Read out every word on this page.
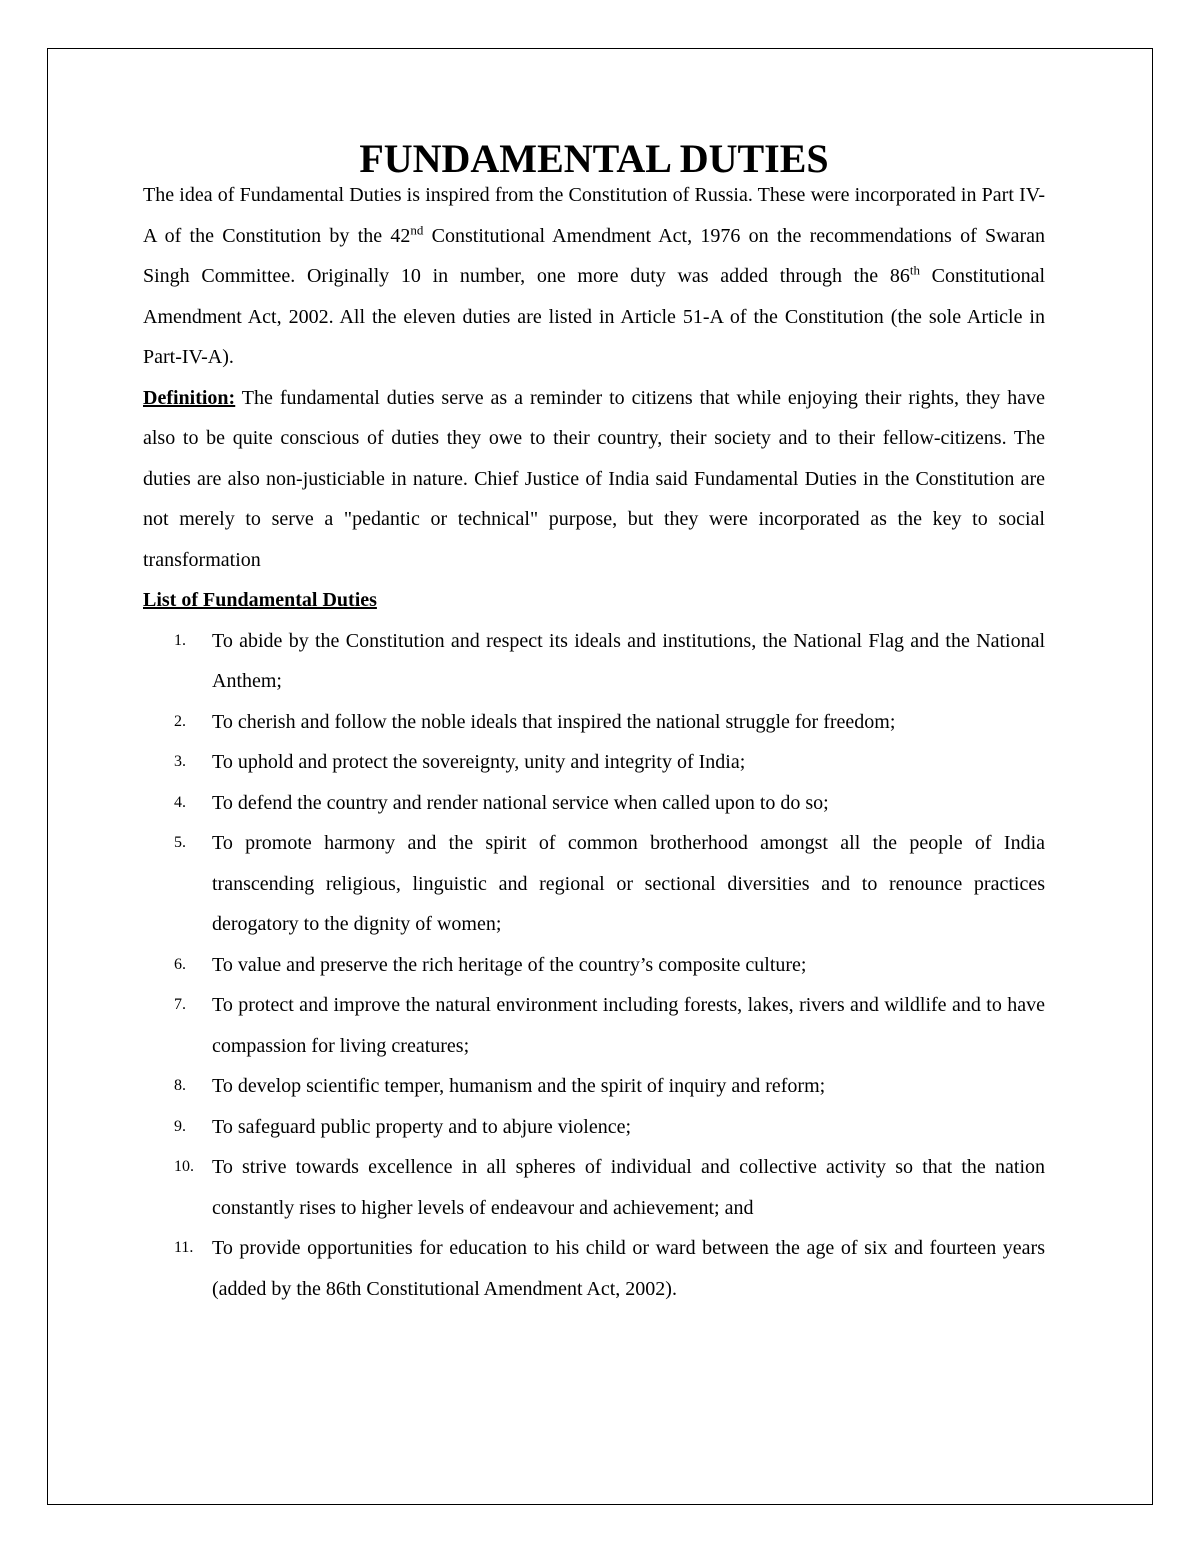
FUNDAMENTAL DUTIES

The idea of Fundamental Duties is inspired from the Constitution of Russia. These were incorporated in Part IV-A of the Constitution by the 42nd Constitutional Amendment Act, 1976 on the recommendations of Swaran Singh Committee. Originally 10 in number, one more duty was added through the 86th Constitutional Amendment Act, 2002. All the eleven duties are listed in Article 51-A of the Constitution (the sole Article in Part-IV-A).

Definition: The fundamental duties serve as a reminder to citizens that while enjoying their rights, they have also to be quite conscious of duties they owe to their country, their society and to their fellow-citizens. The duties are also non-justiciable in nature. Chief Justice of India said Fundamental Duties in the Constitution are not merely to serve a "pedantic or technical" purpose, but they were incorporated as the key to social transformation

List of Fundamental Duties

1. To abide by the Constitution and respect its ideals and institutions, the National Flag and the National Anthem;
2. To cherish and follow the noble ideals that inspired the national struggle for freedom;
3. To uphold and protect the sovereignty, unity and integrity of India;
4. To defend the country and render national service when called upon to do so;
5. To promote harmony and the spirit of common brotherhood amongst all the people of India transcending religious, linguistic and regional or sectional diversities and to renounce practices derogatory to the dignity of women;
6. To value and preserve the rich heritage of the country’s composite culture;
7. To protect and improve the natural environment including forests, lakes, rivers and wildlife and to have compassion for living creatures;
8. To develop scientific temper, humanism and the spirit of inquiry and reform;
9. To safeguard public property and to abjure violence;
10. To strive towards excellence in all spheres of individual and collective activity so that the nation constantly rises to higher levels of endeavour and achievement; and
11. To provide opportunities for education to his child or ward between the age of six and fourteen years (added by the 86th Constitutional Amendment Act, 2002).
